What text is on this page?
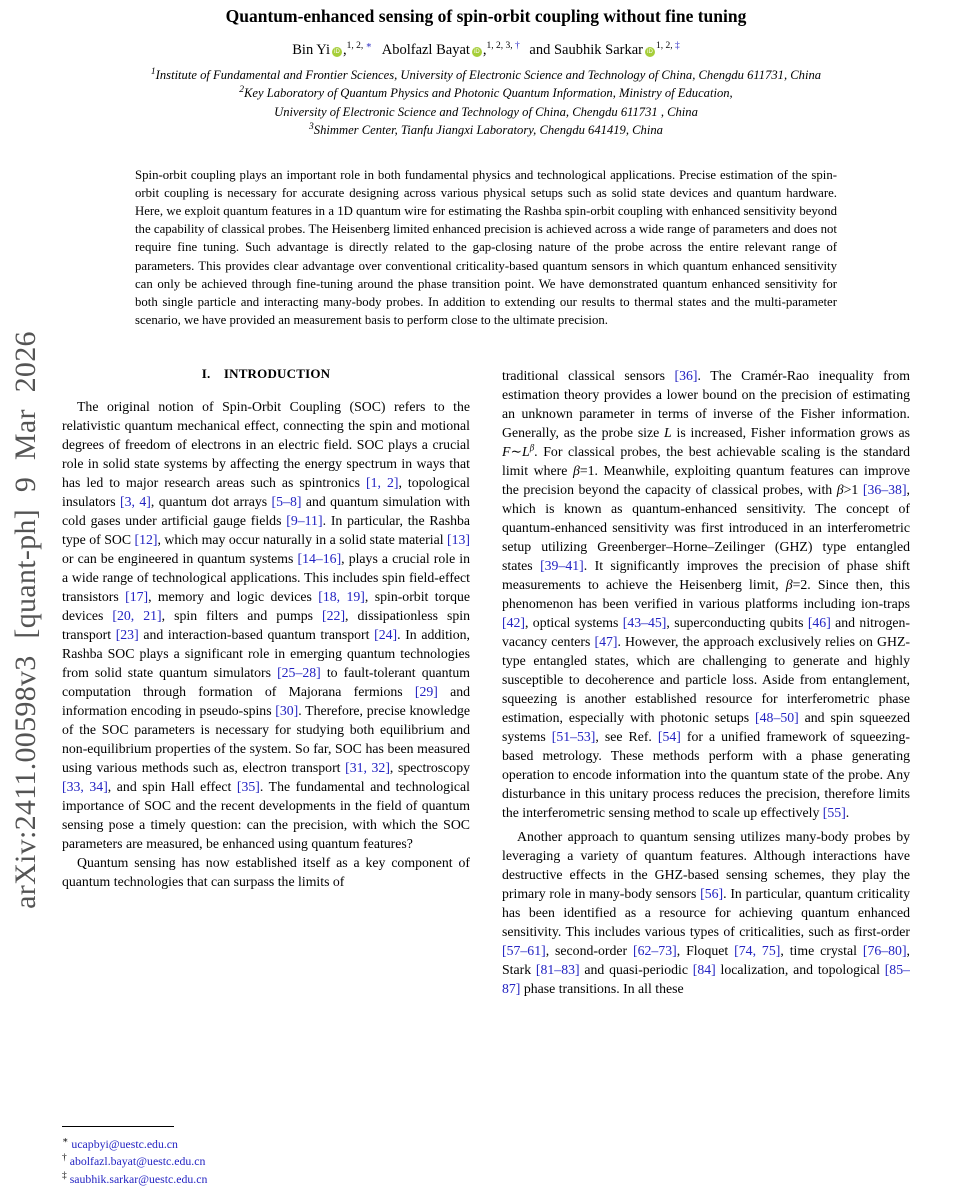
arXiv:2411.00598v3 [quant-ph] 9 Mar 2026
Quantum-enhanced sensing of spin-orbit coupling without fine tuning
Bin Yi iD ,$^{1, 2, ∗}$ Abolfazl Bayat iD ,$^{1, 2, 3, \dagger}$ and Saubhik Sarkar $iD^{1, 2, \ddagger}$
$^1$Institute of Fundamental and Frontier Sciences, University of Electronic Science and Technology of China, Chengdu 611731, China
$^2$Key Laboratory of Quantum Physics and Photonic Quantum Information, Ministry of Education,
University of Electronic Science and Technology of China, Chengdu 611731 , China
$^3$Shimmer Center, Tianfu Jiangxi Laboratory, Chengdu 641419, China
Spin-orbit coupling plays an important role in both fundamental physics and technological applications. Precise estimation of the spin-orbit coupling is necessary for accurate designing across various physical setups such as solid state devices and quantum hardware. Here, we exploit quantum features in a 1D quantum wire for estimating the Rashba spin-orbit coupling with enhanced sensitivity beyond the capability of classical probes. The Heisenberg limited enhanced precision is achieved across a wide range of parameters and does not require fine tuning. Such advantage is directly related to the gap-closing nature of the probe across the entire relevant range of parameters. This provides clear advantage over conventional criticality-based quantum sensors in which quantum enhanced sensitivity can only be achieved through fine-tuning around the phase transition point. We have demonstrated quantum enhanced sensitivity for both single particle and interacting many-body probes. In addition to extending our results to thermal states and the multi-parameter scenario, we have provided an measurement basis to perform close to the ultimate precision.
I.  INTRODUCTION

The original notion of Spin-Orbit Coupling (SOC) refers to the relativistic quantum mechanical effect, connecting the spin and motional degrees of freedom of electrons in an electric field. SOC plays a crucial role in solid state systems by affecting the energy spectrum in ways that has led to major research areas such as spintronics [1, 2], topological insulators [3, 4], quantum dot arrays [5–8] and quantum simulation with cold gases under artificial gauge fields [9–11]. In particular, the Rashba type of SOC [12], which may occur naturally in a solid state material [13] or can be engineered in quantum systems [14–16], plays a crucial role in a wide range of technological applications. This includes spin field-effect transistors [17], memory and logic devices [18, 19], spin-orbit torque devices [20, 21], spin filters and pumps [22], dissipationless spin transport [23] and interaction-based quantum transport [24]. In addition, Rashba SOC plays a significant role in emerging quantum technologies from solid state quantum simulators [25–28] to fault-tolerant quantum computation through formation of Majorana fermions [29] and information encoding in pseudo-spins [30]. Therefore, precise knowledge of the SOC parameters is necessary for studying both equilibrium and non-equilibrium properties of the system. So far, SOC has been measured using various methods such as, electron transport [31, 32], spectroscopy [33, 34], and spin Hall effect [35]. The fundamental and technological importance of SOC and the recent developments in the field of quantum sensing pose a timely question: can the precision, with which the SOC parameters are measured, be enhanced using quantum features?

Quantum sensing has now established itself as a key component of quantum technologies that can surpass the limits of

traditional classical sensors [36]. The Cramér-Rao inequality from estimation theory provides a lower bound on the precision of estimating an unknown parameter in terms of inverse of the Fisher information. Generally, as the probe size L is increased, Fisher information grows as $F\sim L^\beta$. For classical probes, the best achievable scaling is the standard limit where β=1. Meanwhile, exploiting quantum features can improve the precision beyond the capacity of classical probes, with β>1 [36–38], which is known as quantum-enhanced sensitivity. The concept of quantum-enhanced sensitivity was first introduced in an interferometric setup utilizing Greenberger–Horne–Zeilinger (GHZ) type entangled states [39–41]. It significantly improves the precision of phase shift measurements to achieve the Heisenberg limit, β=2. Since then, this phenomenon has been verified in various platforms including ion-traps [42], optical systems [43–45], superconducting qubits [46] and nitrogen-vacancy centers [47]. However, the approach exclusively relies on GHZ-type entangled states, which are challenging to generate and highly susceptible to decoherence and particle loss. Aside from entanglement, squeezing is another established resource for interferometric phase estimation, especially with photonic setups [48–50] and spin squeezed systems [51–53], see Ref. [54] for a unified framework of squeezing-based metrology. These methods perform with a phase generating operation to encode information into the quantum state of the probe. Any disturbance in this unitary process reduces the precision, therefore limits the interferometric sensing method to scale up effectively [55].

Another approach to quantum sensing utilizes many-body probes by leveraging a variety of quantum features. Although interactions have destructive effects in the GHZ-based sensing schemes, they play the primary role in many-body sensors [56]. In particular, quantum criticality has been identified as a resource for achieving quantum enhanced sensitivity. This includes various types of criticalities, such as first-order [57–61], second-order [62–73], Floquet [74, 75], time crystal [76–80], Stark [81–83] and quasi-periodic [84] localization, and topological [85–87] phase transitions. In all these

∗ ucapbyi@uestc.edu.cn
† abolfazl.bayat@uestc.edu.cn
‡ saubhik.sarkar@uestc.edu.cn
